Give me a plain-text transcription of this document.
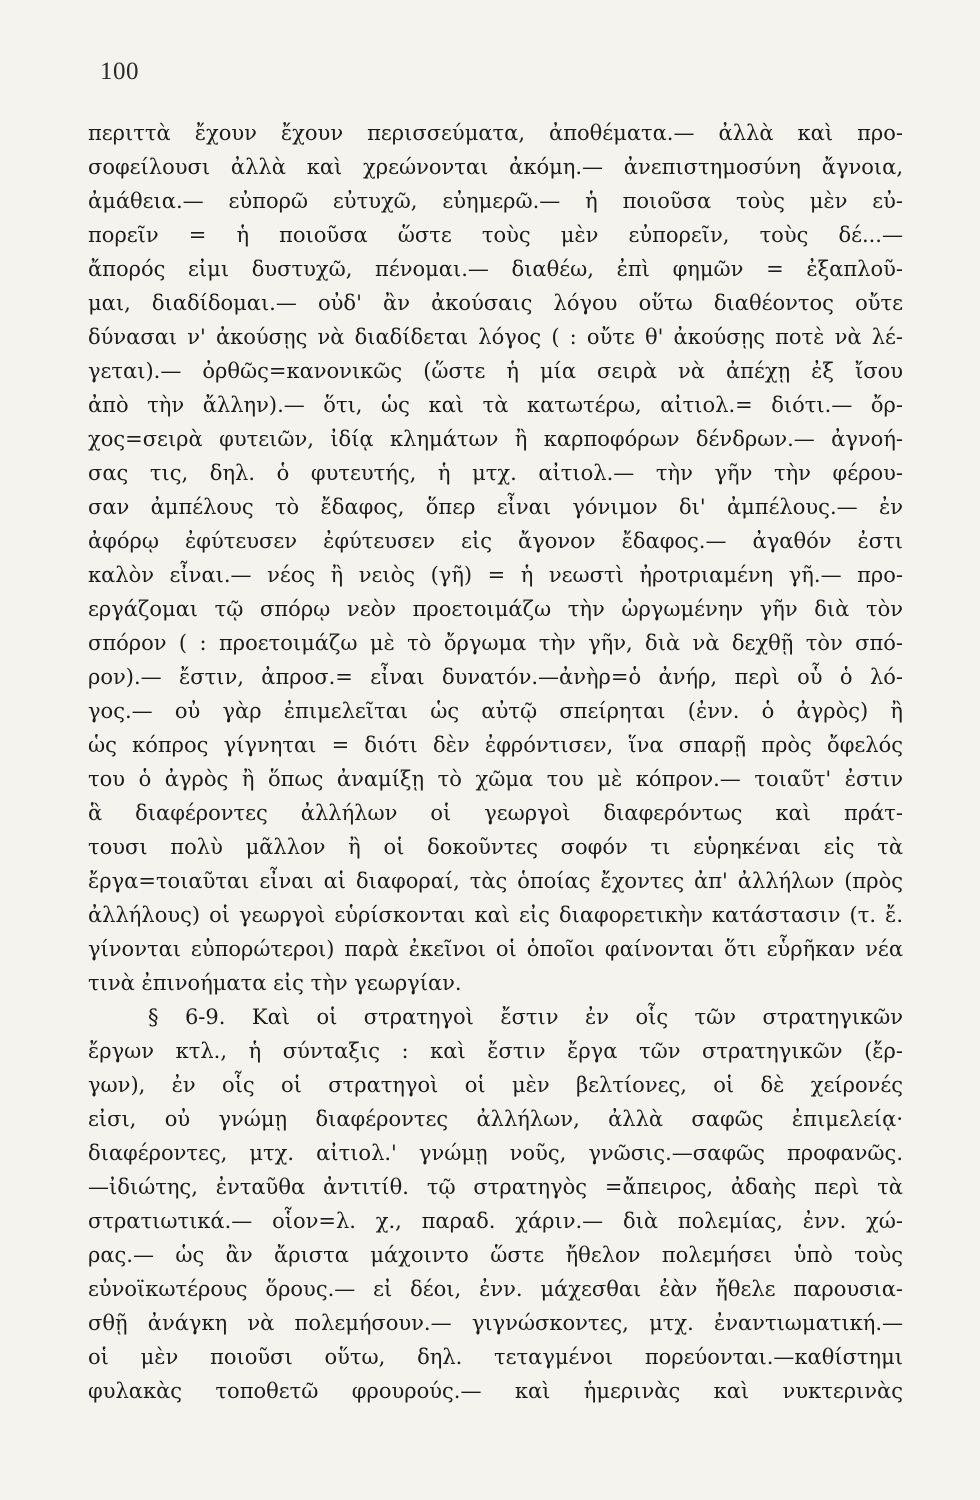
100
περιττὰ ἔχουν ἔχουν περισσεύματα, ἀποθέματα.— ἀλλὰ καὶ προ-
σοφείλουσι ἀλλὰ καὶ χρεώνονται ἀκόμη.— ἀνεπιστημοσύνη ἄγνοια,
ἀμάθεια.— εὐπορῶ εὐτυχῶ, εὐημερῶ.— ἡ ποιοῦσα τοὺς μὲν εὐ-
πορεῖν = ἡ ποιοῦσα ὥστε τοὺς μὲν εὐπορεῖν, τοὺς δέ...—
ἄπορός εἰμι δυστυχῶ, πένομαι.— διαθέω, ἐπὶ φημῶν = ἐξαπλοῦ-
μαι, διαδίδομαι.— οὐδ' ἂν ἀκούσαις λόγου οὕτω διαθέοντος οὔτε
δύνασαι ν' ἀκούσῃς νὰ διαδίδεται λόγος ( : οὔτε θ' ἀκούσῃς ποτὲ νὰ λέ-
γεται).— ὀρθῶς=κανονικῶς (ὥστε ἡ μία σειρὰ νὰ ἀπέχῃ ἐξ ἴσου
ἀπὸ τὴν ἄλλην).— ὅτι, ὡς καὶ τὰ κατωτέρω, αἰτιολ.= διότι.— ὄρ-
χος=σειρὰ φυτειῶν, ἰδίᾳ κλημάτων ἢ καρποφόρων δένδρων.— ἀγνοή-
σας τις, δηλ. ὁ φυτευτής, ἡ μτχ. αἰτιολ.— τὴν γῆν τὴν φέρου-
σαν ἀμπέλους τὸ ἔδαφος, ὅπερ εἶναι γόνιμον δι' ἀμπέλους.— ἐν
ἀφόρῳ ἐφύτευσεν ἐφύτευσεν εἰς ἄγονον ἔδαφος.— ἀγαθόν ἐστι
καλὸν εἶναι.— νέος ἢ νειὸς (γῆ) = ἡ νεωστὶ ἠροτριαμένη γῆ.— προ-
εργάζομαι τῷ σπόρῳ νεὸν προετοιμάζω τὴν ὠργωμένην γῆν διὰ τὸν
σπόρον ( : προετοιμάζω μὲ τὸ ὄργωμα τὴν γῆν, διὰ νὰ δεχθῇ τὸν σπό-
ρον).— ἔστιν, ἀπροσ.= εἶναι δυνατόν.—ἀνὴρ=ὁ ἀνήρ, περὶ οὗ ὁ λό-
γος.— οὐ γὰρ ἐπιμελεῖται ὡς αὐτῷ σπείρηται (ἐνν. ὁ ἀγρὸς) ἢ
ὡς κόπρος γίγνηται = διότι δὲν ἐφρόντισεν, ἵνα σπαρῇ πρὸς ὄφελός
του ὁ ἀγρὸς ἢ ὅπως ἀναμίξῃ τὸ χῶμα του μὲ κόπρον.— τοιαῦτ' ἐστιν
ἃ διαφέροντες ἀλλήλων οἱ γεωργοὶ διαφερόντως καὶ πράτ-
τουσι πολὺ μᾶλλον ἢ οἱ δοκοῦντες σοφόν τι εὑρηκέναι εἰς τὰ
ἔργα=τοιαῦται εἶναι αἱ διαφοραί, τὰς ὁποίας ἔχοντες ἀπ' ἀλλήλων (πρὸς
ἀλλήλους) οἱ γεωργοὶ εὑρίσκονται καὶ εἰς διαφορετικὴν κατάστασιν (τ. ἔ.
γίνονται εὐπορώτεροι) παρὰ ἐκεῖνοι οἱ ὁποῖοι φαίνονται ὅτι εὗρῆκαν νέα
τινὰ ἐπινοήματα εἰς τὴν γεωργίαν.
§ 6-9. Καὶ οἱ στρατηγοὶ ἔστιν ἐν οἷς τῶν στρατηγικῶν
ἔργων κτλ., ἡ σύνταξις : καὶ ἔστιν ἔργα τῶν στρατηγικῶν (ἔρ-
γων), ἐν οἷς οἱ στρατηγοὶ οἱ μὲν βελτίονες, οἱ δὲ χείρονές
εἰσι, οὐ γνώμῃ διαφέροντες ἀλλήλων, ἀλλὰ σαφῶς ἐπιμελείᾳ·
διαφέροντες, μτχ. αἰτιολ.' γνώμῃ νοῦς, γνῶσις.—σαφῶς προφανῶς.
—ἰδιώτης, ἐνταῦθα ἀντιτίθ. τῷ στρατηγὸς =ἄπειρος, ἀδαὴς περὶ τὰ
στρατιωτικά.— οἷον=λ. χ., παραδ. χάριν.— διὰ πολεμίας, ἐνν. χώ-
ρας.— ὡς ἂν ἄριστα μάχοιντο ὥστε ἤθελον πολεμήσει ὑπὸ τοὺς
εὐνοϊκωτέρους ὅρους.— εἰ δέοι, ἐνν. μάχεσθαι ἐὰν ἤθελε παρουσια-
σθῇ ἀνάγκη νὰ πολεμήσουν.— γιγνώσκοντες, μτχ. ἐναντιωματική.—
οἱ μὲν ποιοῦσι οὕτω, δηλ. τεταγμένοι πορεύονται.—καθίστημι
φυλακὰς τοποθετῶ φρουρούς.— καὶ ἡμερινὰς καὶ νυκτερινὰς
